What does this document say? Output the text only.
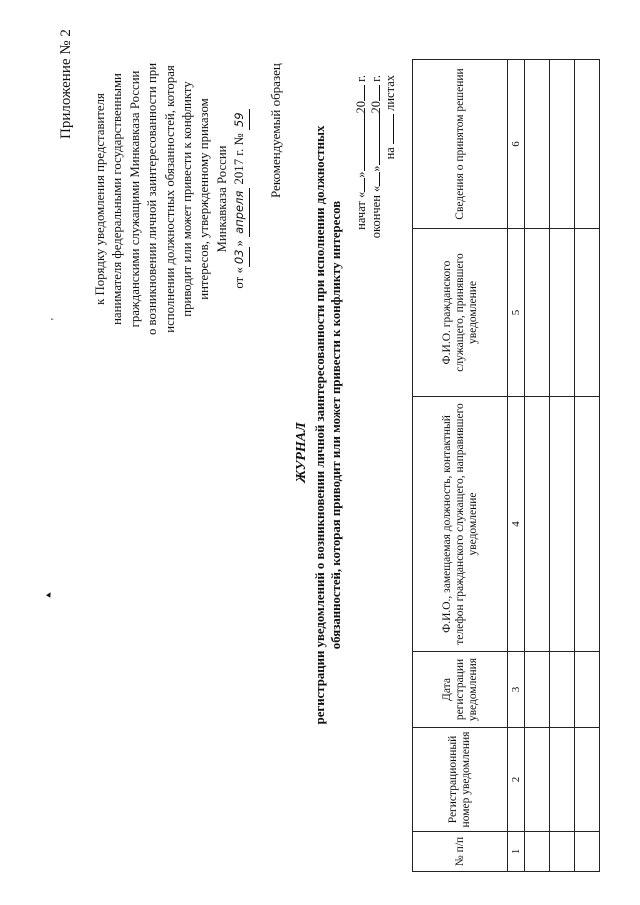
Приложение № 2
к Порядку уведомления представителя нанимателя федеральными государственными гражданскими служащими Минкавказа России о возникновении личной заинтересованности при исполнении должностных обязанностей, которая приводит или может привести к конфликту интересов, утвержденному приказом Минкавказа России
от «03» апреля 2017 г. № 59 Рекомендуемый образец
ЖУРНАЛ регистрации уведомлений о возникновении личной заинтересованности при исполнении должностных обязанностей, которая приводит или может привести к конфликту интересов начат «»20 г.
окончен «»20 г.
на  листах
№ п/п	Регистрационный номер уведомления	Дата регистрации уведомления	Ф.И.О., замещаемая должность, контактный телефон гражданского служащего, направившего уведомление	Ф.И.О. гражданского служащего, принявшего уведомление	Сведения о принятом решении
1	2	3	4	5	6

'
▸
